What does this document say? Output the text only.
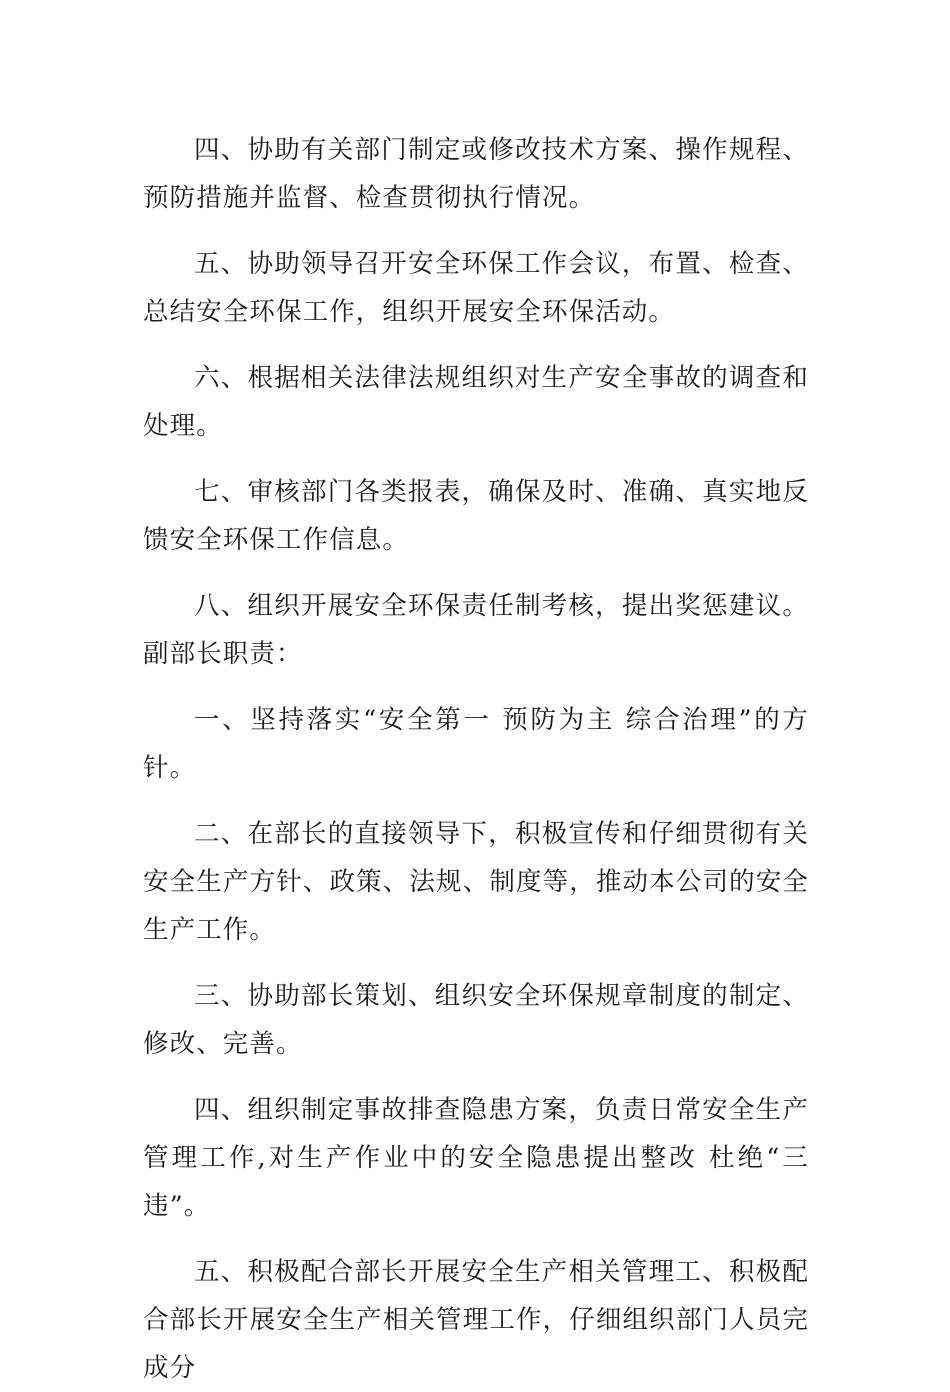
四、协助有关部门制定或修改技术方案、操作规程、预防措施并监督、检查贯彻执行情况。

五、协助领导召开安全环保工作会议，布置、检查、总结安全环保工作，组织开展安全环保活动。

六、根据相关法律法规组织对生产安全事故的调查和处理。

七、审核部门各类报表，确保及时、准确、真实地反馈安全环保工作信息。

八、组织开展安全环保责任制考核，提出奖惩建议。 副部长职责：

一、坚持落实“安全第一 预防为主 综合治理”的方针。

二、在部长的直接领导下，积极宣传和仔细贯彻有关安全生产方针、政策、法规、制度等，推动本公司的安全生产工作。

三、协助部长策划、组织安全环保规章制度的制定、修改、完善。

四、组织制定事故排查隐患方案，负责日常安全生产管理工作,对生产作业中的安全隐患提出整改 杜绝“三违”。

五、积极配合部长开展安全生产相关管理工、积极配合部长开展安全生产相关管理工作，仔细组织部门人员完成分
